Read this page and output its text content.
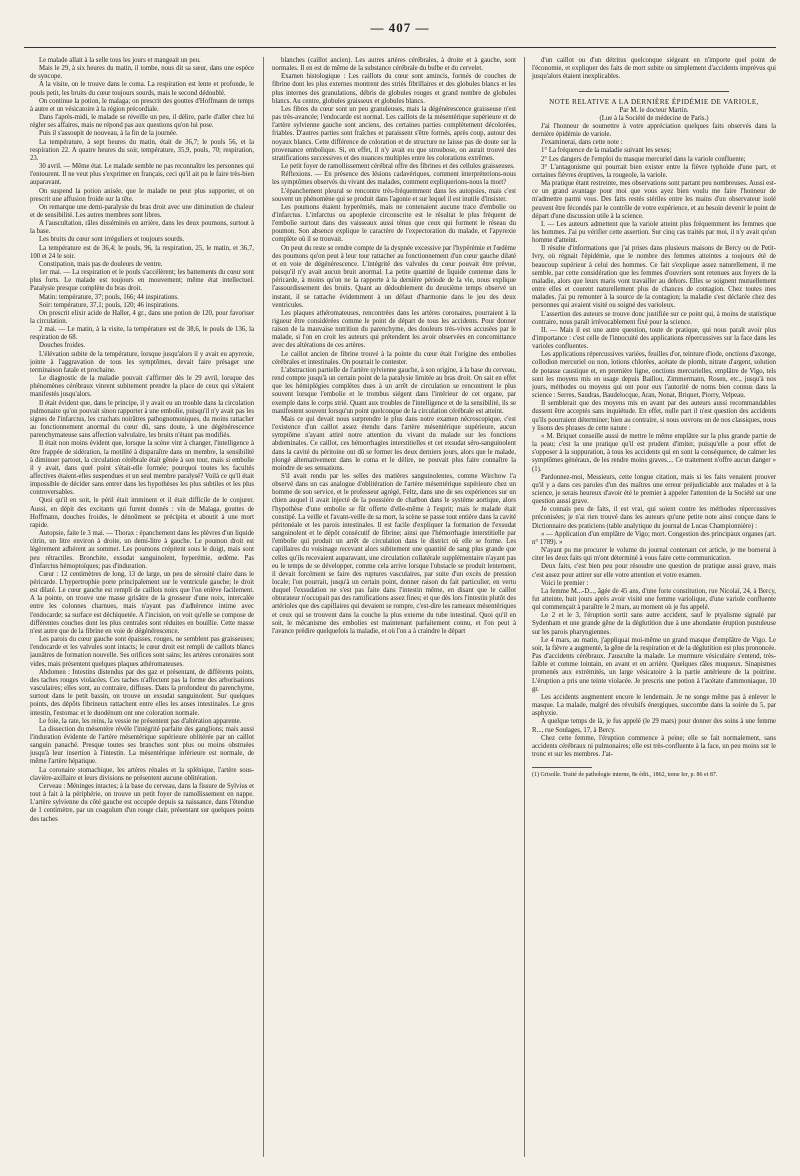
— 407 —

Le malade allait à la selle tous les jours et mangeait un peu.

Mais le 29, à six heures du matin, il tombe, nous dit sa sœur, dans une espèce de syncope.

A la visite, on le trouve dans le coma. La respiration est lente et profonde, le pouls petit, les bruits du cœur toujours sourds, mais le second dédoublé.

On continue la potion, le malaga; on prescrit des gouttes d'Hoffmann de temps à autre et un vésicatoire à la région précordiale.

Dans l'après-midi, le malade se réveille un peu, il délire, parle d'aller chez lui régler ses affaires, mais ne répond pas aux questions qu'on lui pose.

Puis il s'assoupit de nouveau, à la fin de la journée.

La température, à sept heures du matin, était de 36,7; le pouls 56, et la respiration 22. A quatre heures du soir, température, 35,9, pouls, 70; respiration, 23.

30 avril. — Même état. Le malade semble ne pas reconnaître les personnes qui l'entourent. Il ne veut plus s'exprimer en français, ceci qu'il ait pu le faire très-bien auparavant.

On suspend la potion anisée, que le malade ne peut plus supporter, et on prescrit une affusion froide sur la tête.

On remarque une demi-paralysie du bras droit avec une diminution de chaleur et de sensibilité. Les autres membres sont libres.

A l'auscultation, râles disséminés en arrière, dans les deux poumons, surtout à la base.

Les bruits du cœur sont irréguliers et toujours sourds.

La température est de 36,4; le pouls, 96, la respiration, 25, le matin, et 36,7, 100 et 24 le soir.

Constipation, mais pas de douleurs de ventre.

1er mai. — La respiration et le pouls s'accélèrent; les battements du cœur sont plus forts. Le malade est toujours en mouvement; même état intellectuel. Paralysie presque complète du bras droit.

Matin: température, 37; pouls, 166; 44 inspirations.

Soir: température, 37,1; pouls, 120; 46 inspirations.

On prescrit elixir acide de Haller, 4 gr., dans une potion de 120, pour favoriser la circulation.

2 mai. — Le matin, à la visite, la température est de 38,6, le pouls de 136, la respiration de 68.

Douches froides.

L'élévation subite de la température, lorsque jusqu'alors il y avait eu apyrexie, jointe à l'aggravation de tous les symptômes, devait faire présager une terminaison fatale et prochaine.

Le diagnostic de la maladie pouvait s'affirmer dès le 29 avril, lorsque des phénomènes cérébraux vinrent subitement prendre la place de ceux qui s'étaient manifestés jusqu'alors.

Il était évident que, dans le principe, il y avait eu un trouble dans la circulation pulmonaire qu'on pouvait sinon rapporter à une embolie, puisqu'il n'y avait pas les signes de l'infarctus, les crachats noirâtres pathognomoniques, du moins rattacher au fonctionnement anormal du cœur dû, sans doute, à une dégénérescence parenchymateuse sans affection valvulaire, les bruits n'étant pas modifiés.

Il était non moins évident que, lorsque la scène vint à changer, l'intelligence à être frappée de sidération, la motilité à disparaître dans un membre, la sensibilité à diminuer partout, la circulation cérébrale était gênée à son tour, mais si embolie il y avait, dans quel point s'était-elle formée; pourquoi toutes les facultés affectives étaient-elles suspendues et un seul membre paralysé? Voilà ce qu'il était impossible de décider sans entrer dans les hypothèses les plus subtiles et les plus controversables.

Quoi qu'il en soit, le péril était imminent et il était difficile de le conjurer. Aussi, en dépit des excitants qui furent donnés : vin de Malaga, gouttes de Hoffmann, douches froides, le dénoûment se précipita et aboutit à une mort rapide.

Autopsie, faite le 3 mai. — Thorax : épanchement dans les plèvres d'un liquide citrin, un litre environ à droite, un demi-litre à gauche. Le poumon droit est légèrement adhérent au sommet. Les poumons crépitent sous le doigt, mais sont peu rétractiles. Bronchite, exsudat sanguinolent, hyperémie, œdème. Pas d'infarctus hémoptoïques; pas d'induration.

Cœur : 12 centimètres de long, 13 de large, un peu de sérosité claire dans le péricarde. L'hypertrophie porte principalement sur le ventricule gauche; le droit est dilaté. Le cœur gauche est rempli de caillots noirs que l'on enlève facilement. A la pointe, on trouve une masse grisâtre de la grosseur d'une noix, intercalée entre les colonnes charnues, mais n'ayant pas d'adhérence intime avec l'endocarde; sa surface est déchiquetée. A l'incision, on voit qu'elle se compose de différentes couches dont les plus centrales sont réduites en bouillie. Cette masse n'est autre que de la fibrine en voie de dégénérescence.

Les parois du cœur gauche sont épaisses, rouges, ne semblent pas graisseuses; l'endocarde et les valvules sont intacts; le cœur droit est rempli de caillots blancs jaunâtres de formation nouvelle. Ses orifices sont sains; les artères coronaires sont vides, mais présentent quelques plaques athéromateuses.

Abdomen : Intestins distendus par des gaz et présentant, de différents points, des taches rouges violacées. Ces taches n'affectent pas la forme des arborisations vasculaires; elles sont, au contraire, diffuses. Dans la profondeur du parenchyme, surtout dans le petit bassin, on trouve un exsudat sanguinolent. Sur quelques points, des dépôts fibrineux rattachent entre elles les anses intestinales. Le gros intestin, l'estomac et le duodénum ont une coloration normale.

Le foie, la rate, les reins, la vessie ne présentent pas d'altération apparente.

La dissection du mésentère révèle l'intégrité parfaite des ganglions; mais aussi l'induration évidente de l'artère mésentérique supérieure oblitérée par un caillot sanguin panaché. Presque toutes ses branches sont plus ou moins obstruées jusqu'à leur insertion à l'intestin. La mésentérique inférieure est normale, de même l'artère hépatique.

La coronaire stomachique, les artères rénales et la splénique, l'artère sous-clavière-axillaire et leurs divisions ne présentent aucune oblitération.

Cerveau : Méninges intactes; à la base du cerveau, dans la fissure de Sylvius et tout à fait à la périphérie, on trouve un petit foyer de ramollissement en nappe. L'artère sylvienne du côté gauche est occupée depuis sa naissance, dans l'étendue de 1 centimètre, par un coagulum d'un rouge clair, présentant sur quelques points des taches

blanches (caillot ancien). Les autres artères cérébrales, à droite et à gauche, sont normales. Il en est de même de la substance cérébrale du bulbe et du cervelet.

Examen histologique : Les caillots du cœur sont amincis, formés de couches de fibrine dont les plus externes montrent des striés fibrillaires et des globules blancs et les plus internes des granulations, débris de globules rouges et grand nombre de globules blancs. Au centre, globules graisseux et globules blancs.

Les fibres du cœur sont un peu granuleuses, mais la dégénérescence graisseuse n'est pas très-avancée; l'endocarde est normal. Les caillots de la mésentérique supérieure et de l'artère sylvienne gauche sont anciens, des certaines parties complètement décolorées, friables. D'autres parties sont fraîches et paraissent s'être formés, après coup, autour des noyaux blancs. Cette différence de coloration et de structure ne laisse pas de doute sur la provenance embolique. Si, en effet, il n'y avait eu que stroubose, on aurait trouvé des stratifications successives et des nuances multiples entre les colorations extrêmes.

Le petit foyer de ramollissement cérébral offre des fibrines et des cellules graisseuses.

Réflexions. — En présence des lésions cadavériques, comment interpréterions-nous les symptômes observés du vivant des malades, comment expliquerions-nous la mort?

L'épanchement pleural se rencontre très-fréquemment dans les autopsies, mais c'est souvent un phénomène qui se produit dans l'agonie et sur lequel il est inutile d'insister.

Les poumons étaient hyperémiés, mais ne contenaient aucune trace d'embolie ou d'infarctus. L'infarctus ou apoplexie circonscrite est le résultat le plus fréquent de l'embolie surtout dans des vaisseaux aussi ténus que ceux qui forment le réseau du poumon. Son absence explique le caractère de l'expectoration du malade, et l'apyrexie complète où il se trouvait.

On peut du reste se rendre compte de la dyspnée excessive par l'hypérémie et l'œdème des poumons qu'on peut à leur tour rattacher au fonctionnement d'un cœur gauche dilaté et en voie de dégénérescence. L'intégrité des valvules du cœur pouvait être prévue, puisqu'il n'y avait aucun bruit anormal. La petite quantité de liquide contenue dans le péricarde, à moins qu'on ne la rapporte à la dernière période de la vie, nous explique l'assourdissement des bruits. Quant au dédoublement du deuxième temps observé un instant, il se rattache évidemment à un défaut d'harmonie dans le jeu des deux ventricules.

Les plaques athéromateuses, rencontrées dans les artères coronaires, pourraient à la rigueur être considérées comme le point de départ de tous les accidents. Pour donner raison de la mauvaise nutrition du parenchyme, des douleurs très-vives accusées par le malade, si l'on en croit les auteurs qui prétendent les avoir observées en concomittance avec des altérations de ces artères.

Le caillot ancien de fibrine trouvé à la pointe du cœur était l'origine des embolies cérébrales et intestinales. On pourrait le contester.

L'abstraction partielle de l'artère sylvienne gauche, à son origine, à la base du cerveau, rend compte jusqu'à un certain point de la paralysie limitée au bras droit. On sait en effet que les hémiplégies complètes dues à un arrêt de circulation se rencontrent le plus souvent lorsque l'embolie et le trombus siégent dans l'intérieur de cet organe, par exemple dans le corps strié. Quant aux troubles de l'intelligence et de la sensibilité, ils se manifestent souvent lorsqu'un point quelconque de la circulation cérébrale est atteint.

Mais ce qui devait nous surprendre le plus dans notre examen nécroscopique, c'est l'existence d'un caillot assez étendu dans l'artère mésentérique supérieure, aucun symptôme n'ayant attiré notre attention du vivant du malade sur les fonctions abdominales. Ce caillot, ces hémorrhagies interstitielles et cet exsudat séro-sanguinolent dans la cavité du péritoine ont dû se former les deux derniers jours, alors que le malade, plongé alternativement dans le coma et le délire, ne pouvait plus faire connaître la moindre de ses sensations.

S'il avait rendu par les selles des matières sanguinolentes, comme Wirchow l'a observé dans un cas analogue d'oblitération de l'artère mésentérique supérieure chez un homme de son service, et le professeur agrégé, Feltz, dans une de ses expériences sur un chien auquel il avait injecté de la poussière de charbon dans le système aortique, alors l'hypothèse d'une embolie se fût offerte d'elle-même à l'esprit; mais le malade était constipé. La veille et l'avant-veille de sa mort, la scène se passe tout entière dans la cavité péritonéale et les parois intestinales. Il est facile d'expliquer la formation de l'exsudat sanguinolent et le dépôt consécutif de fibrine; ainsi que l'hémorrhagie interstitielle par l'embolie qui produit un arrêt de circulation dans le district où elle se forme. Les capillaires du voisinage recevant alors subitement une quantité de sang plus grande que celles qu'ils recevaient auparavant, une circulation collatérale supplémentaire n'ayant pas eu le temps de se développer, comme cela arrive lorsque l'obstacle se produit lentement, il devait forcément se faire des ruptures vasculaires, par suite d'un excès de pression locale; l'on pourrait, jusqu'à un certain point, donner raison du fait particulier, en vertu duquel l'exsudation ne s'est pas faite dans l'intestin même, en disant que le caillot obturateur n'occupait pas des ramifications assez fines; et que dès lors l'intestin plutôt des artérioles que des capillaires qui devaient se rompre, c'est-dire les rameaux mésentériques et ceux qui se trouvent dans la couche la plus externe du tube intestinal. Quoi qu'il en soit, le mécanisme des embolies est maintenant parfaitement connu, et l'on peut à l'avance prédire quelquefois la maladie, et où l'on a à craindre le départ

d'un caillot ou d'un détritus quelconque siégeant en n'importe quel point de l'économie, et expliquer des faits de mort subite ou simplement d'accidents imprévus qui jusqu'alors étaient inexplicables.

NOTE RELATIVE A LA DERNIÈRE ÉPIDÉMIE DE VARIOLE,

Par M. le docteur Martin.

(Lue à la Société de médecine de Paris.)

J'ai l'honneur de soumettre à votre appréciation quelques faits observés dans la dernière épidémie de variole.

J'examinerai, dans cette note :

1° La fréquence de la maladie suivant les sexes;

2° Les dangers de l'emploi du masque mercuriel dans la variole confluente;

3° L'antagonisme qui pourrait bien exister entre la fièvre typhoïde d'une part, et certaines fièvres éruptives, la rougeole, la variole.

Ma pratique étant restreinte, mes observations sont partant peu nombreuses. Aussi est-ce un grand avantage pour moi que vous ayez bien voulu me faire l'honneur de m'admettre parmi vous. Des faits restés stériles entre les mains d'un observateur isolé peuvent être fécondés par le contrôle de votre expérience, et au besoin devenir le point de départ d'une discussion utile à la science.

I. — Les auteurs admettent que la variole atteint plus fréquemment les femmes que les hommes. J'ai pu vérifier cette assertion. Sur cinq cas traités par moi, il n'y avait qu'un homme d'atteint.

Il résulte d'informations que j'ai prises dans plusieurs maisons de Bercy ou de Petit-Ivry, où régnait l'épidémie, que le nombre des femmes atteintes a toujours été de beaucoup supérieur à celui des hommes. Ce fait s'explique assez naturellement, il me semble, par cette considération que les femmes d'ouvriers sont retenues aux foyers de la maladie, alors que leurs maris vont travailler au dehors. Elles se soignent mutuellement entre elles et courent naturellement plus de chances de contagion. Chez toutes mes malades, j'ai pu remonter à la source de la contagion; la maladie s'est déclarée chez des personnes qui avaient visité ou soigné des varioleux.

L'assertion des auteurs se trouve donc justifiée sur ce point qui, à moins de statistique contraire, nous paraît irrévocablement fixé pour la science.

II. — Mais il est une autre question, toute de pratique, qui nous paraît avoir plus d'importance : c'est celle de l'innocuité des applications répercussives sur la face dans les varioles confluentes.

Les applications répercussives variées, feuilles d'or, teinture d'iode, onctions d'axonge, collodion mercuriel ou non, lotions chlorées, acétate de plomb, nitrate d'argent, solution de potasse caustique et, en première ligne, onctions mercurielles, emplâtre de Vigo, tels sont les moyens mis en usage depuis Baillou, Zimmermann, Rosen, etc., jusqu'à nos jours, méthodes ou moyens qui ont pour eux l'autorité de noms bien connus dans la science : Serres, Saudras, Baudelocque, Aran, Nonat, Briquet, Piorry, Velpeau.

Il semblerait que des moyens mis en avant par des auteurs aussi recommandables dussent être acceptés sans inquiétude. En effet, nulle part il n'est question des accidents qu'ils pourraient déterminer; bien au contraire, si nous ouvrons un de nos classiques, nous y lisons des phrases de cette nature :

« M. Briquet conseille aussi de mettre le même emplâtre sur la plus grande partie de la peau; c'est la une pratique qu'il est prudent d'imiter, puisqu'elle a pour effet de s'opposer à la suppuration, à tous les accidents qui en sont la conséquence, de calmer les symptômes généraux, de les rendre moins graves.... Ce traitement n'offre aucun danger » (1).

Pardonnez-moi, Messieurs, cette longue citation, mais si les faits venaient prouver qu'il y a dans ces paroles d'un des maîtres une erreur préjudiciable aux malades et à la science, je serais heureux d'avoir été le premier à appeler l'attention de la Société sur une question aussi grave.

Je connais peu de faits, il est vrai, qui soient contre les méthodes répercussives préconisées; je n'ai rien trouvé dans les auteurs qu'une petite note ainsi conçue dans le Dictionnaire des praticiens (table analytique du journal de Lucas Championnière) :

« — Application d'un emplâtre de Vigo; mort. Congestion des principaux organes (art. n° 1789). »

N'ayant pu me procurer le volume du journal contenant cet article, je me bornerai à citer les deux faits qui m'ont déterminé à vous faire cette communication.

Deux faits, c'est bien peu pour résoudre une question de pratique aussi grave, mais c'est assez pour attirer sur elle votre attention et votre examen.

Voici le premier :

La femme M...-D..., âgée de 45 ans, d'une forte constitution, rue Nicolaï, 24, à Bercy, fut atteinte, huit jours après avoir visité une femme variolique, d'une variole confluente qui commençait à paraître le 2 mars, au moment où je fus appelé.

Le 2 et le 3, l'éruption sortit sans autre accident, sauf le ptyalisme signalé par Sydenham et une grande gêne de la déglutition due à une abondante éruption pustuleuse sur les parois pharyngiennes.

Le 4 mars, au matin, j'appliquai moi-même un grand masque d'emplâtre de Vigo. Le soir, la fièvre a augmenté, la gêne de la respiration et de la déglutition est plus prononcée. Pas d'accidents cérébraux. J'ausculte la malade. Le murmure vésiculaire s'entend, très-faible et comme lointain, en avant et en arrière. Quelques râles muqueux. Sinapismes promenés aux extrémités, un large vésicatoire à la partie antérieure de la poitrine. L'éruption a pris une teinte violacée. Je prescris une potion à l'acétate d'ammoniaque, 10 gr.

Les accidents augmentent encore le lendemain. Je ne songe même pas à enlever le masque. La malade, malgré des révulsifs énergiques, succombe dans la soirée du 5, par asphyxie.

A quelque temps de là, je fus appelé (le 29 mars) pour donner des soins à une femme R..., rue Soulages, 17, à Bercy.

Chez cette femme, l'éruption commence à peine; elle se fait normalement, sans accidents cérébraux ni pulmonaires; elle est très-confluente à la face, un peu moins sur le tronc et sur les membres. J'at-

(1) Grisolle. Traité de pathologie interne, 8e édit., 1862, tome Ier, p. 86 et 87.
